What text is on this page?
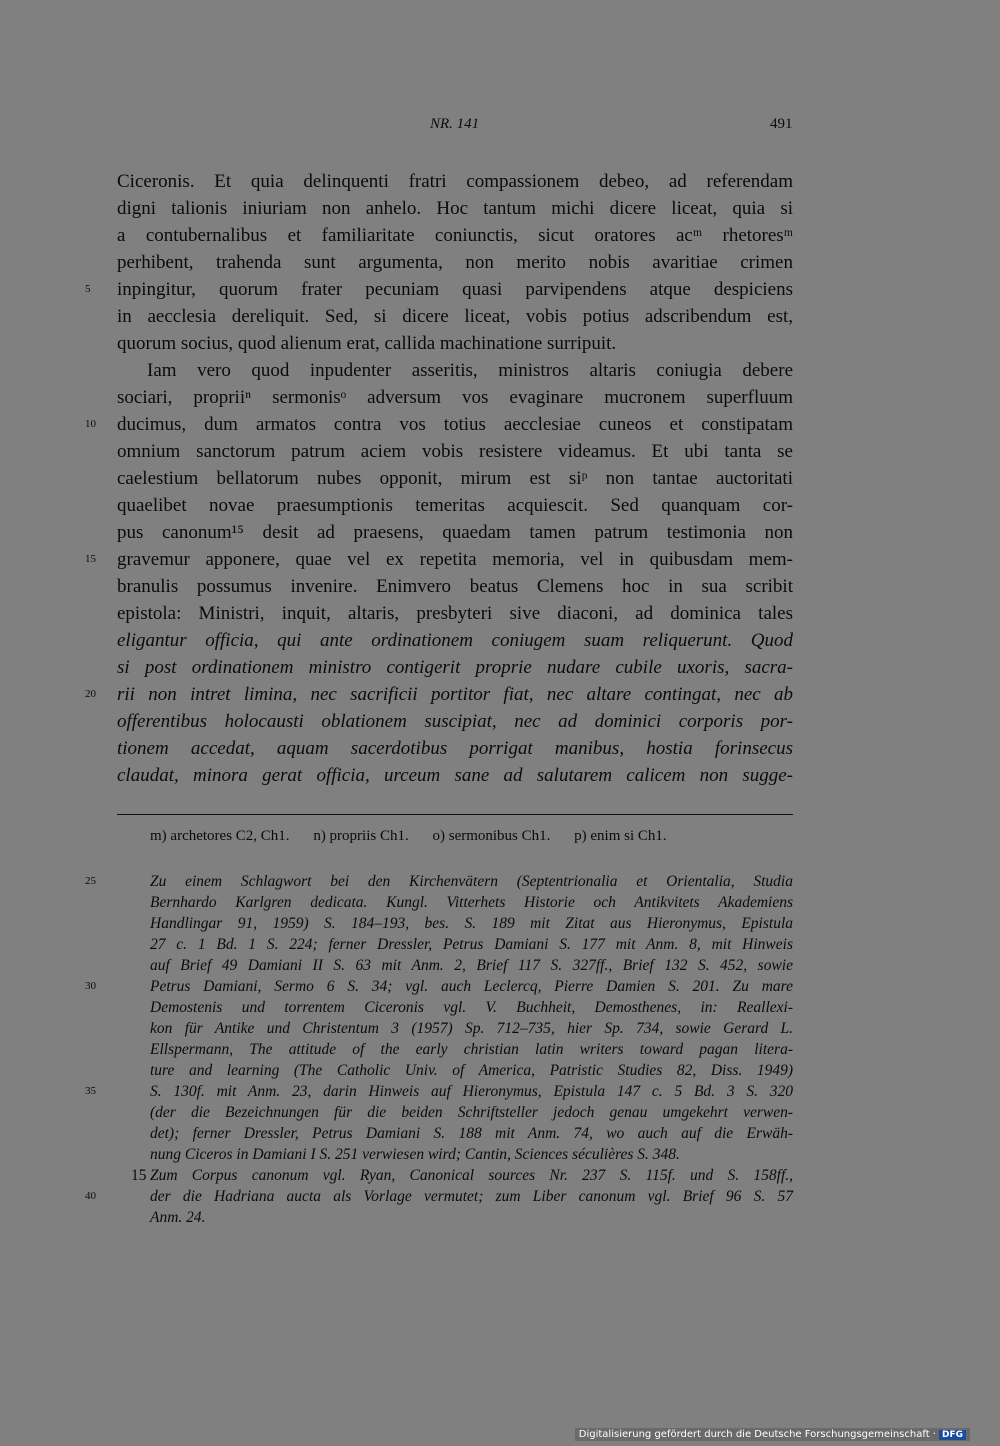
NR. 141	491
Ciceronis. Et quia delinquenti fratri compassionem debeo, ad referendam
digni talionis iniuriam non anhelo. Hoc tantum michi dicere liceat, quia si
a contubernalibus et familiaritate coniunctis, sicut oratores acᵐ rhetoresᵐ
perhibent, trahenda sunt argumenta, non merito nobis avaritiae crimen
5	inpingitur, quorum frater pecuniam quasi parvipendens atque despiciens
in aecclesia dereliquit. Sed, si dicere liceat, vobis potius adscribendum est,
quorum socius, quod alienum erat, callida machinatione surripuit.
Iam vero quod inpudenter asseritis, ministros altaris coniugia debere
sociari, propriiⁿ sermonisᵒ adversum vos evaginare mucronem superfluum
10	ducimus, dum armatos contra vos totius aecclesiae cuneos et constipatam
omnium sanctorum patrum aciem vobis resistere videamus. Et ubi tanta se
caelestium bellatorum nubes opponit, mirum est siᵖ non tantae auctoritati
quaelibet novae praesumptionis temeritas acquiescit. Sed quanquam cor-
pus canonum¹⁵ desit ad praesens, quaedam tamen patrum testimonia non
15	gravemur apponere, quae vel ex repetita memoria, vel in quibusdam mem-
branulis possumus invenire. Enimvero beatus Clemens hoc in sua scribit
epistola: Ministri, inquit, altaris, presbyteri sive diaconi, ad dominica tales
eligantur officia, qui ante ordinationem coniugem suam reliquerunt. Quod
si post ordinationem ministro contigerit proprie nudare cubile uxoris, sacra-
20	rii non intret limina, nec sacrificii portitor fiat, nec altare contingat, nec ab
offerentibus holocausti oblationem suscipiat, nec ad dominici corporis por-
tionem accedat, aquam sacerdotibus porrigat manibus, hostia forinsecus
claudat, minora gerat officia, urceum sane ad salutarem calicem non sugge-
m) archetores C2, Ch1. n) propriis Ch1. o) sermonibus Ch1. p) enim si Ch1.
25	Zu einem Schlagwort bei den Kirchenvätern (Septentrionalia et Orientalia, Studia
Bernhardo Karlgren dedicata. Kungl. Vitterhets Historie och Antikvitets Akademiens
Handlingar 91, 1959) S. 184–193, bes. S. 189 mit Zitat aus Hieronymus, Epistula
27 c. 1 Bd. 1 S. 224; ferner Dressler, Petrus Damiani S. 177 mit Anm. 8, mit Hinweis
auf Brief 49 Damiani II S. 63 mit Anm. 2, Brief 117 S. 327ff., Brief 132 S. 452, sowie
30	Petrus Damiani, Sermo 6 S. 34; vgl. auch Leclercq, Pierre Damien S. 201. Zu mare
Demostenis und torrentem Ciceronis vgl. V. Buchheit, Demosthenes, in: Reallexi-
kon für Antike und Christentum 3 (1957) Sp. 712–735, hier Sp. 734, sowie Gerard L.
Ellspermann, The attitude of the early christian latin writers toward pagan litera-
ture and learning (The Catholic Univ. of America, Patristic Studies 82, Diss. 1949)
35	S. 130f. mit Anm. 23, darin Hinweis auf Hieronymus, Epistula 147 c. 5 Bd. 3 S. 320
(der die Bezeichnungen für die beiden Schriftsteller jedoch genau umgekehrt verwen-
det); ferner Dressler, Petrus Damiani S. 188 mit Anm. 74, wo auch auf die Erwäh-
nung Ciceros in Damiani I S. 251 verwiesen wird; Cantin, Sciences séculières S. 348.
15 Zum Corpus canonum vgl. Ryan, Canonical sources Nr. 237 S. 115f. und S. 158ff.,
40	der die Hadriana aucta als Vorlage vermutet; zum Liber canonum vgl. Brief 96 S. 57
Anm. 24.
Digitalisierung gefördert durch die Deutsche Forschungsgemeinschaft · DFG
